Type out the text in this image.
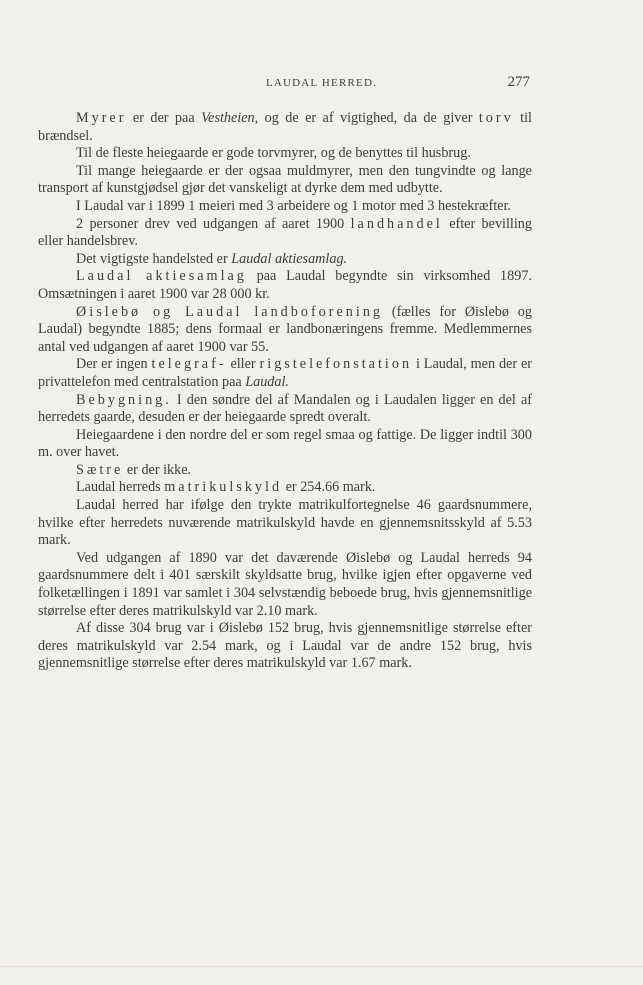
LAUDAL HERRED.	277

Myrer er der paa Vestheien, og de er af vigtighed, da de giver torv til brændsel.

Til de fleste heiegaarde er gode torvmyrer, og de benyttes til husbrug.

Til mange heiegaarde er der ogsaa muldmyrer, men den tungvindte og lange transport af kunstgjødsel gjør det vanskeligt at dyrke dem med udbytte.

I Laudal var i 1899 1 meieri med 3 arbeidere og 1 motor med 3 hestekræfter.

2 personer drev ved udgangen af aaret 1900 landhandel efter bevilling eller handelsbrev.

Det vigtigste handelsted er Laudal aktiesamlag.

Laudal aktiesamlag paa Laudal begyndte sin virksomhed 1897. Omsætningen i aaret 1900 var 28 000 kr.

Øislebø og Laudal landboforening (fælles for Øislebø og Laudal) begyndte 1885; dens formaal er landbonæringens fremme. Medlemmernes antal ved udgangen af aaret 1900 var 55.

Der er ingen telegraf- eller rigstelefonstation i Laudal, men der er privattelefon med centralstation paa Laudal.

Bebygning. I den søndre del af Mandalen og i Laudalen ligger en del af herredets gaarde, desuden er der heiegaarde spredt overalt.

Heiegaardene i den nordre del er som regel smaa og fattige. De ligger indtil 300 m. over havet.

Sætre er der ikke.

Laudal herreds matrikulskyld er 254.66 mark.

Laudal herred har ifølge den trykte matrikulfortegnelse 46 gaardsnummere, hvilke efter herredets nuværende matrikulskyld havde en gjennemsnitsskyld af 5.53 mark.

Ved udgangen af 1890 var det daværende Øislebø og Laudal herreds 94 gaardsnummere delt i 401 særskilt skyldsatte brug, hvilke igjen efter opgaverne ved folketællingen i 1891 var samlet i 304 selvstændig beboede brug, hvis gjennemsnitlige størrelse efter deres matrikulskyld var 2.10 mark.

Af disse 304 brug var i Øislebø 152 brug, hvis gjennemsnitlige størrelse efter deres matrikulskyld var 2.54 mark, og i Laudal var de andre 152 brug, hvis gjennemsnitlige størrelse efter deres matrikulskyld var 1.67 mark.
